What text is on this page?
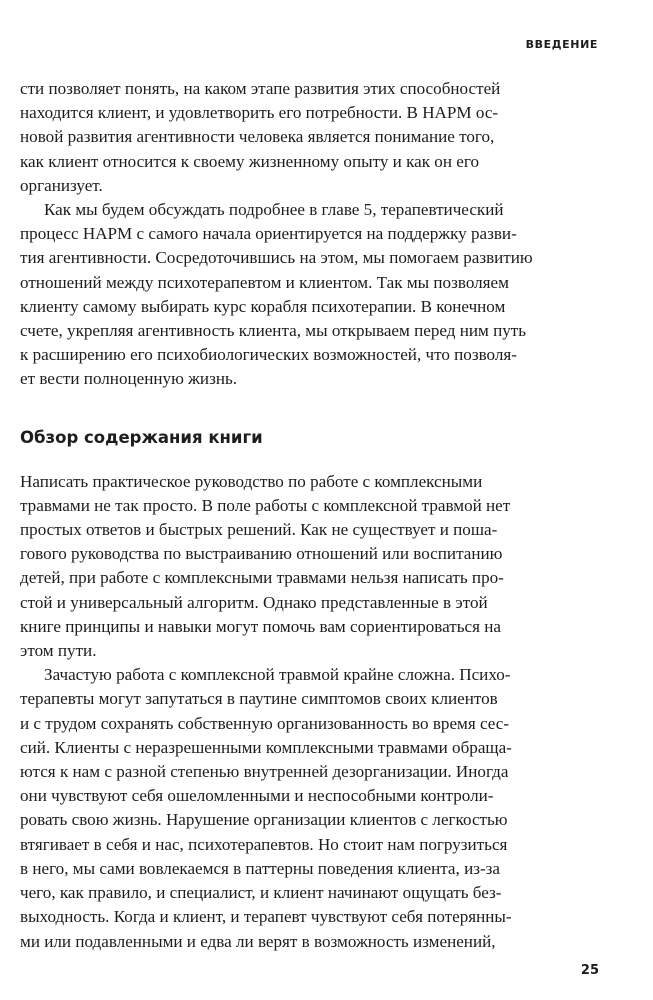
ВВЕДЕНИЕ

сти позволяет понять, на каком этапе развития этих способностей
находится клиент, и удовлетворить его потребности. В НАРМ ос-
новой развития агентивности человека является понимание того,
как клиент относится к своему жизненному опыту и как он его
организует.

Как мы будем обсуждать подробнее в главе 5, терапевтический
процесс НАРМ с самого начала ориентируется на поддержку разви-
тия агентивности. Сосредоточившись на этом, мы помогаем развитию
отношений между психотерапевтом и клиентом. Так мы позволяем
клиенту самому выбирать курс корабля психотерапии. В конечном
счете, укрепляя агентивность клиента, мы открываем перед ним путь
к расширению его психобиологических возможностей, что позволя-
ет вести полноценную жизнь.

Обзор содержания книги

Написать практическое руководство по работе с комплексными
травмами не так просто. В поле работы с комплексной травмой нет
простых ответов и быстрых решений. Как не существует и поша-
гового руководства по выстраиванию отношений или воспитанию
детей, при работе с комплексными травмами нельзя написать про-
стой и универсальный алгоритм. Однако представленные в этой
книге принципы и навыки могут помочь вам сориентироваться на
этом пути.

Зачастую работа с комплексной травмой крайне сложна. Психо-
терапевты могут запутаться в паутине симптомов своих клиентов
и с трудом сохранять собственную организованность во время сес-
сий. Клиенты с неразрешенными комплексными травмами обраща-
ются к нам с разной степенью внутренней дезорганизации. Иногда
они чувствуют себя ошеломленными и неспособными контроли-
ровать свою жизнь. Нарушение организации клиентов с легкостью
втягивает в себя и нас, психотерапевтов. Но стоит нам погрузиться
в него, мы сами вовлекаемся в паттерны поведения клиента, из-за
чего, как правило, и специалист, и клиент начинают ощущать без-
выходность. Когда и клиент, и терапевт чувствуют себя потерянны-
ми или подавленными и едва ли верят в возможность изменений,

25
